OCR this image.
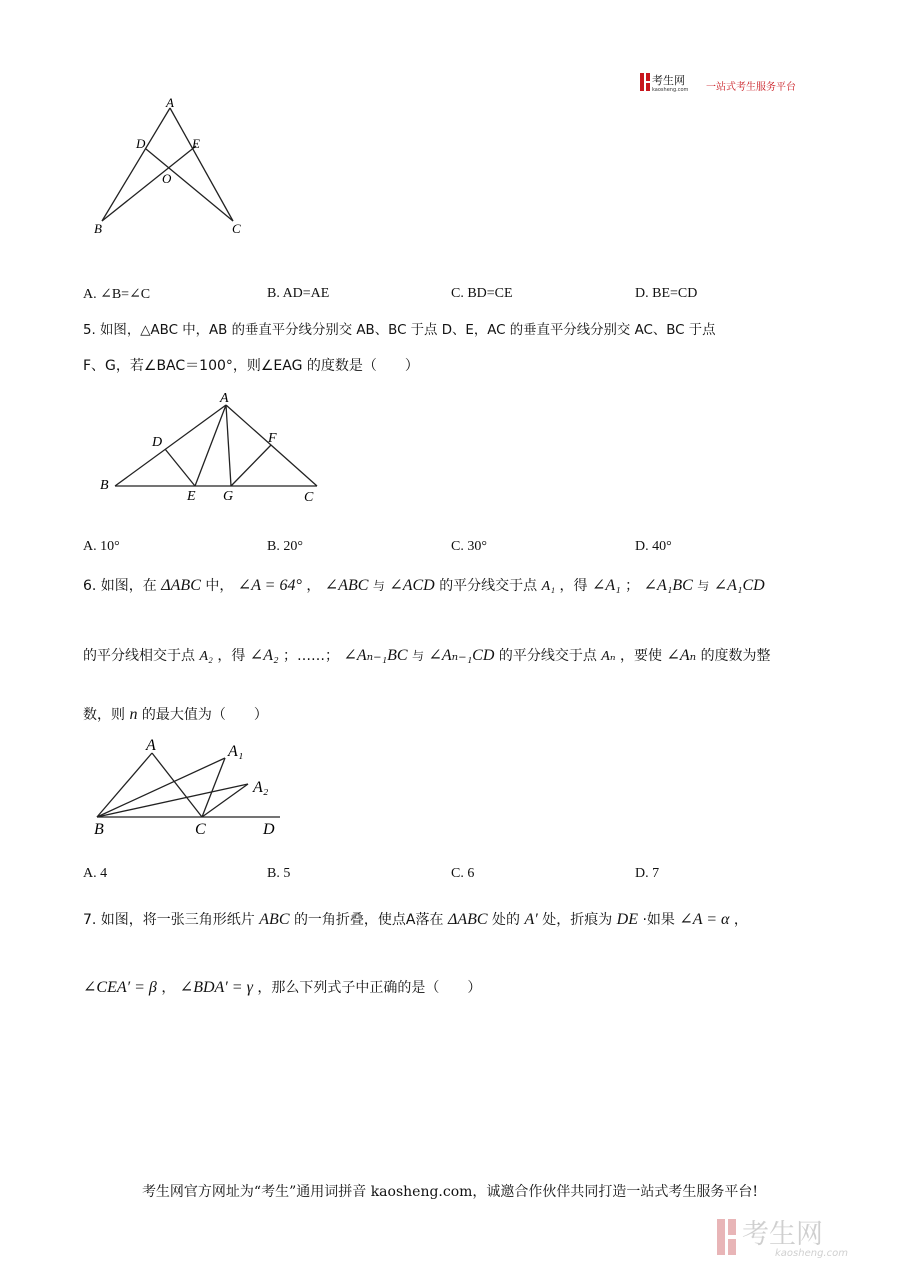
考生网
kaosheng.com 一站式考生服务平台
A
D	E
O
B	C
A. ∠B=∠C	B. AD=AE	C. BD=CE	D. BE=CD
5. 如图，△ABC 中，AB 的垂直平分线分别交 AB、BC 于点 D、E，AC 的垂直平分线分别交 AC、BC 于点
F、G，若∠BAC＝100°，则∠EAG 的度数是（　　）
A
D	F
B
E G	C
A. 10°	B. 20°	C. 30°	D. 40°
6. 如图，在 ΔABC 中， ∠A = 64° ， ∠ABC 与 ∠ACD 的平分线交于点 A₁ ，得 ∠A₁ ； ∠A₁BC 与 ∠A₁CD
的平分线相交于点 A₂ ，得 ∠A₂ ；……； ∠Aₙ₋₁BC 与 ∠Aₙ₋₁CD 的平分线交于点 Aₙ ，要使 ∠Aₙ 的度数为整
数，则 n 的最大值为（　　）
A	A₁
A₂
B	C	D
A. 4	B. 5	C. 6	D. 7
7. 如图，将一张三角形纸片 ABC 的一角折叠，使点A落在 ΔABC 处的 A′ 处，折痕为 DE ·如果 ∠A = α ，
∠CEA′ = β ， ∠BDA′ = γ ，那么下列式子中正确的是（　　）
考生网官方网址为“考生”通用词拼音 kaosheng.com，诚邀合作伙伴共同打造一站式考生服务平台!
考生网
kaosheng.com
